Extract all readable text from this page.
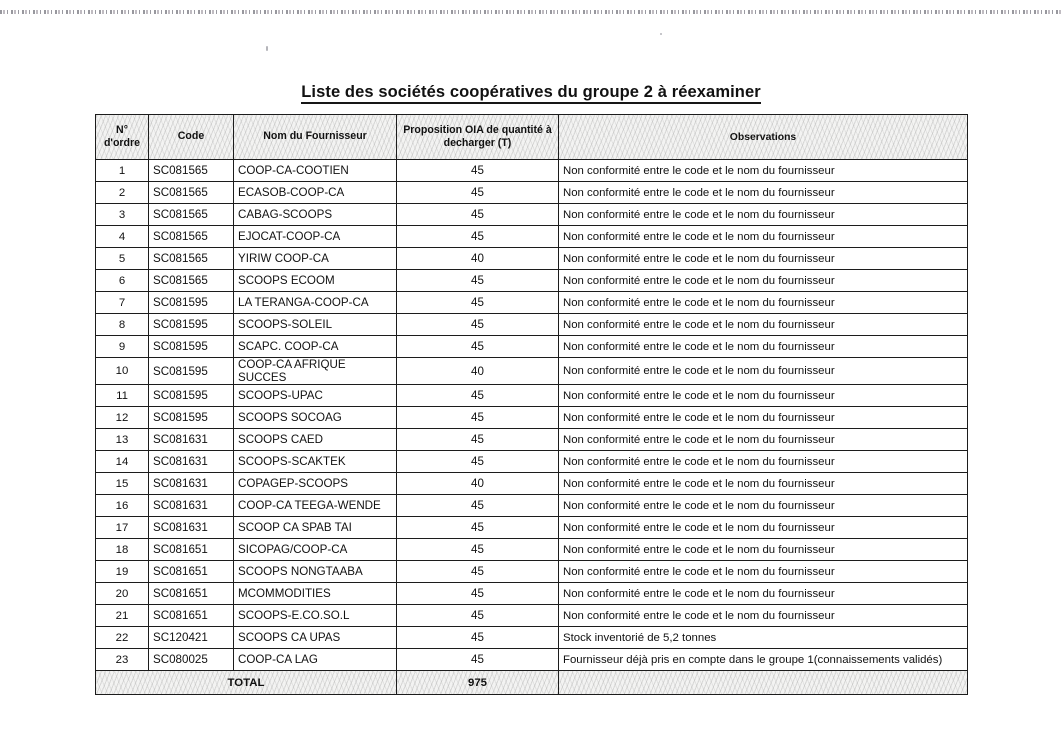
Liste des sociétés coopératives du groupe 2 à réexaminer
N° d'ordre	Code	Nom du Fournisseur	Proposition OIA de quantité à decharger (T)	Observations
1	SC081565	COOP-CA-COOTIEN	45	Non conformité entre le code et le nom du fournisseur
2	SC081565	ECASOB-COOP-CA	45	Non conformité entre le code et le nom du fournisseur
3	SC081565	CABAG-SCOOPS	45	Non conformité entre le code et le nom du fournisseur
4	SC081565	EJOCAT-COOP-CA	45	Non conformité entre le code et le nom du fournisseur
5	SC081565	YIRIW COOP-CA	40	Non conformité entre le code et le nom du fournisseur
6	SC081565	SCOOPS ECOOM	45	Non conformité entre le code et le nom du fournisseur
7	SC081595	LA TERANGA-COOP-CA	45	Non conformité entre le code et le nom du fournisseur
8	SC081595	SCOOPS-SOLEIL	45	Non conformité entre le code et le nom du fournisseur
9	SC081595	SCAPC. COOP-CA	45	Non conformité entre le code et le nom du fournisseur
10	SC081595	COOP-CA AFRIQUE SUCCES	40	Non conformité entre le code et le nom du fournisseur
11	SC081595	SCOOPS-UPAC	45	Non conformité entre le code et le nom du fournisseur
12	SC081595	SCOOPS SOCOAG	45	Non conformité entre le code et le nom du fournisseur
13	SC081631	SCOOPS CAED	45	Non conformité entre le code et le nom du fournisseur
14	SC081631	SCOOPS-SCAKTEK	45	Non conformité entre le code et le nom du fournisseur
15	SC081631	COPAGEP-SCOOPS	40	Non conformité entre le code et le nom du fournisseur
16	SC081631	COOP-CA TEEGA-WENDE	45	Non conformité entre le code et le nom du fournisseur
17	SC081631	SCOOP CA SPAB TAI	45	Non conformité entre le code et le nom du fournisseur
18	SC081651	SICOPAG/COOP-CA	45	Non conformité entre le code et le nom du fournisseur
19	SC081651	SCOOPS NONGTAABA	45	Non conformité entre le code et le nom du fournisseur
20	SC081651	MCOMMODITIES	45	Non conformité entre le code et le nom du fournisseur
21	SC081651	SCOOPS-E.CO.SO.L	45	Non conformité entre le code et le nom du fournisseur
22	SC120421	SCOOPS CA UPAS	45	Stock inventorié de 5,2 tonnes
23	SC080025	COOP-CA LAG	45	Fournisseur déjà pris en compte dans le groupe 1(connaissements validés)
TOTAL			975	
